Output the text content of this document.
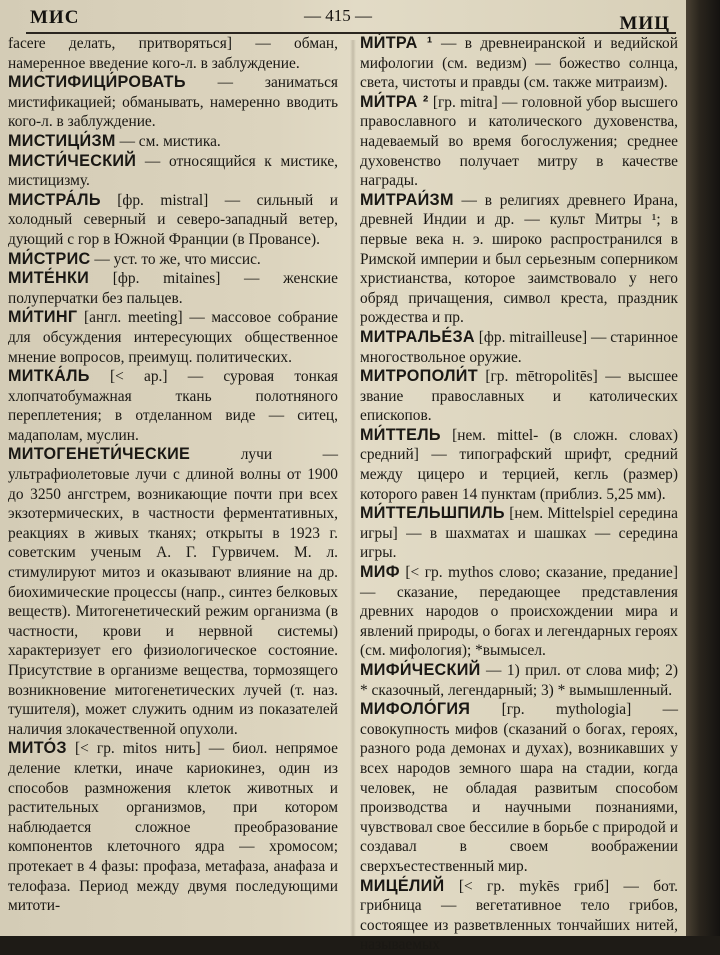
МИС	— 415 —	МИЦ

facere делать, притворяться] — обман, намеренное введение кого-л. в заблуждение.

МИСТИФИЦИ́РОВАТЬ — заниматься мистификацией; обманывать, намеренно вводить кого-л. в заблуждение.

МИСТИЦИ́ЗМ — см. мистика.

МИСТИ́ЧЕСКИЙ — относящийся к мистике, мистицизму.

МИСТРА́ЛЬ [фр. mistral] — сильный и холодный северный и северо-западный ветер, дующий с гор в Южной Франции (в Провансе).

МИ́СТРИС — уст. то же, что миссис.

МИТЕ́НКИ [фр. mitaines] — женские полуперчатки без пальцев.

МИ́ТИНГ [англ. meeting] — массовое собрание для обсуждения интересующих общественное мнение вопросов, преимущ. политических.

МИТКА́ЛЬ [< ар.] — суровая тонкая хлопчатобумажная ткань полотняного переплетения; в отделанном виде — ситец, мадаполам, муслин.

МИТОГЕНЕТИ́ЧЕСКИЕ лучи — ультрафиолетовые лучи с длиной волны от 1900 до 3250 ангстрем, возникающие почти при всех экзотермических, в частности ферментативных, реакциях в живых тканях; открыты в 1923 г. советским ученым А. Г. Гурвичем. М. л. стимулируют митоз и оказывают влияние на др. биохимические процессы (напр., синтез белковых веществ). Митогенетический режим организма (в частности, крови и нервной системы) характеризует его физиологическое состояние. Присутствие в организме вещества, тормозящего возникновение митогенетических лучей (т. наз. тушителя), может служить одним из показателей наличия злокачественной опухоли.

МИТО́З [< гр. mitos нить] — биол. непрямое деление клетки, иначе кариокинез, один из способов размножения клеток животных и растительных организмов, при котором наблюдается сложное преобразование компонентов клеточного ядра — хромосом; протекает в 4 фазы: профаза, метафаза, анафаза и телофаза. Период между двумя последующими митоти-

МИ́ТРА ¹ — в древнеиранской и ведийской мифологии (см. ведизм) — божество солнца, света, чистоты и правды (см. также митраизм).

МИ́ТРА ² [гр. mitra] — головной убор высшего православного и католического духовенства, надеваемый во время богослужения; среднее духовенство получает митру в качестве награды.

МИТРАИ́ЗМ — в религиях древнего Ирана, древней Индии и др. — культ Митры ¹; в первые века н. э. широко распространился в Римской империи и был серьезным соперником христианства, которое заимствовало у него обряд причащения, символ креста, праздник рождества и пр.

МИТРАЛЬЕ́ЗА [фр. mitrailleuse] — старинное многоствольное оружие.

МИТРОПОЛИ́Т [гр. mētropolitēs] — высшее звание православных и католических епископов.

МИ́ТТЕЛЬ [нем. mittel- (в сложн. словах) средний] — типографский шрифт, средний между цицеро и терцией, кегль (размер) которого равен 14 пунктам (приблиз. 5,25 мм).

МИ́ТТЕЛЬШПИЛЬ [нем. Mittelspiel середина игры] — в шахматах и шашках — середина игры.

МИФ [< гр. mythos слово; сказание, предание] — сказание, передающее представления древних народов о происхождении мира и явлений природы, о богах и легендарных героях (см. мифология); *вымысел.

МИФИ́ЧЕСКИЙ — 1) прил. от слова миф; 2) * сказочный, легендарный; 3) * вымышленный.

МИФОЛО́ГИЯ [гр. mythologia] — совокупность мифов (сказаний о богах, героях, разного рода демонах и духах), возникавших у всех народов земного шара на стадии, когда человек, не обладая развитым способом производства и научными познаниями, чувствовал свое бессилие в борьбе с природой и создавал в своем воображении сверхъестественный мир.

МИЦЕ́ЛИЙ [< гр. mykēs гриб] — бот. грибница — вегетативное тело грибов, состоящее из разветвленных тончайших нитей, называемых
